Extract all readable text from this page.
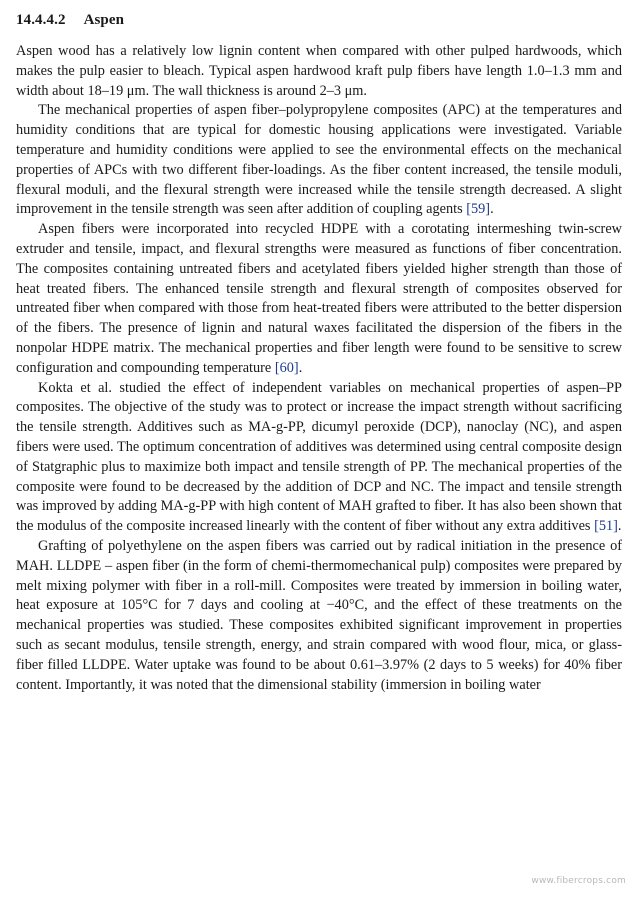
14.4.4.2 Aspen

Aspen wood has a relatively low lignin content when compared with other pulped hardwoods, which makes the pulp easier to bleach. Typical aspen hardwood kraft pulp fibers have length 1.0–1.3 mm and width about 18–19 μm. The wall thickness is around 2–3 μm.

The mechanical properties of aspen fiber–polypropylene composites (APC) at the temperatures and humidity conditions that are typical for domestic housing applications were investigated. Variable temperature and humidity conditions were applied to see the environmental effects on the mechanical properties of APCs with two different fiber-loadings. As the fiber content increased, the tensile moduli, flexural moduli, and the flexural strength were increased while the tensile strength decreased. A slight improvement in the tensile strength was seen after addition of coupling agents [59].

Aspen fibers were incorporated into recycled HDPE with a corotating intermeshing twin-screw extruder and tensile, impact, and flexural strengths were measured as functions of fiber concentration. The composites containing untreated fibers and acetylated fibers yielded higher strength than those of heat treated fibers. The enhanced tensile strength and flexural strength of composites observed for untreated fiber when compared with those from heat-treated fibers were attributed to the better dispersion of the fibers. The presence of lignin and natural waxes facilitated the dispersion of the fibers in the nonpolar HDPE matrix. The mechanical properties and fiber length were found to be sensitive to screw configuration and compounding temperature [60].

Kokta et al. studied the effect of independent variables on mechanical properties of aspen–PP composites. The objective of the study was to protect or increase the impact strength without sacrificing the tensile strength. Additives such as MA-g-PP, dicumyl peroxide (DCP), nanoclay (NC), and aspen fibers were used. The optimum concentration of additives was determined using central composite design of Statgraphic plus to maximize both impact and tensile strength of PP. The mechanical properties of the composite were found to be decreased by the addition of DCP and NC. The impact and tensile strength was improved by adding MA-g-PP with high content of MAH grafted to fiber. It has also been shown that the modulus of the composite increased linearly with the content of fiber without any extra additives [51].

Grafting of polyethylene on the aspen fibers was carried out by radical initiation in the presence of MAH. LLDPE – aspen fiber (in the form of chemi-thermomechanical pulp) composites were prepared by melt mixing polymer with fiber in a roll-mill. Composites were treated by immersion in boiling water, heat exposure at 105°C for 7 days and cooling at −40°C, and the effect of these treatments on the mechanical properties was studied. These composites exhibited significant improvement in properties such as secant modulus, tensile strength, energy, and strain compared with wood flour, mica, or glass-fiber filled LLDPE. Water uptake was found to be about 0.61–3.97% (2 days to 5 weeks) for 40% fiber content. Importantly, it was noted that the dimensional stability (immersion in boiling water

www.fibercrops.com
